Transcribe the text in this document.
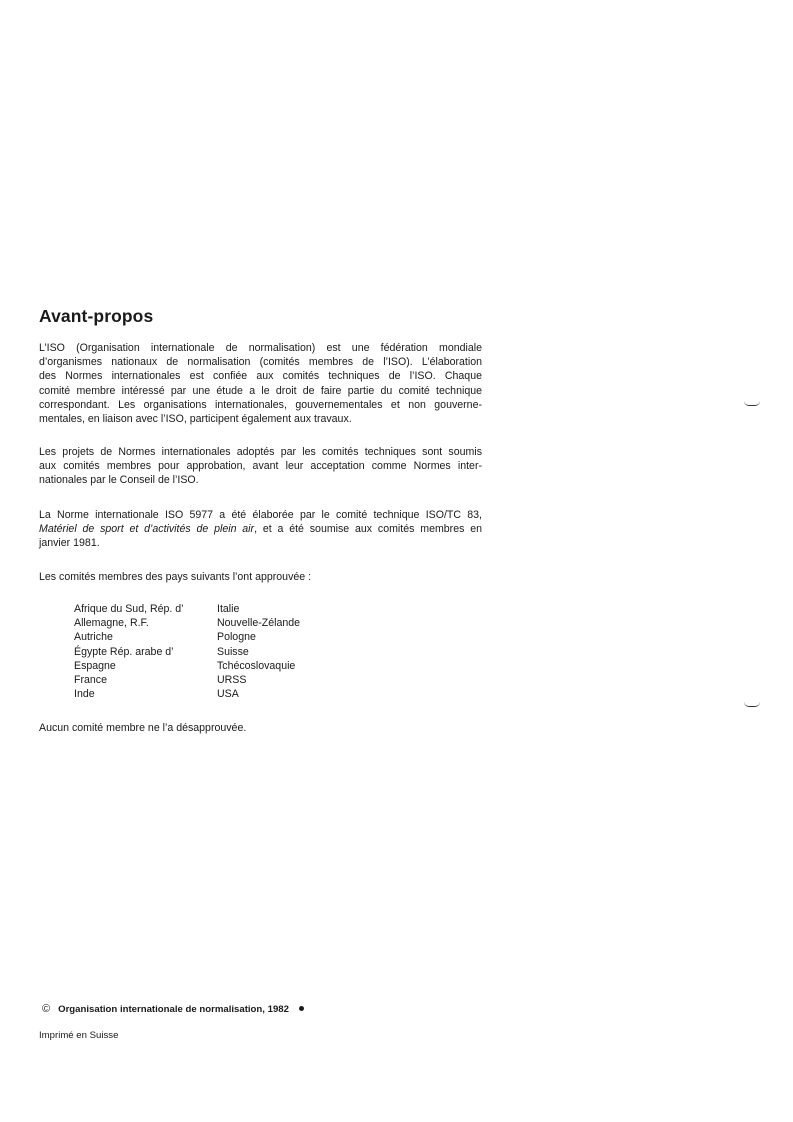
Avant-propos
L’ISO (Organisation internationale de normalisation) est une fédération mondiale
d’organismes nationaux de normalisation (comités membres de l’ISO). L’élaboration
des Normes internationales est confiée aux comités techniques de l’ISO. Chaque
comité membre intéressé par une étude a le droit de faire partie du comité technique
correspondant. Les organisations internationales, gouvernementales et non gouverne-
mentales, en liaison avec l’ISO, participent également aux travaux.
Les projets de Normes internationales adoptés par les comités techniques sont soumis
aux comités membres pour approbation, avant leur acceptation comme Normes inter-
nationales par le Conseil de l’ISO.
La Norme internationale ISO 5977 a été élaborée par le comité technique ISO/TC 83,
Matériel de sport et d’activités de plein air, et a été soumise aux comités membres en
janvier 1981.
Les comités membres des pays suivants l’ont approuvée :
Afrique du Sud, Rép. d’	Italie
Allemagne, R.F.	Nouvelle-Zélande
Autriche	Pologne
Égypte Rép. arabe d’	Suisse
Espagne	Tchécoslovaquie
France	URSS
Inde	USA
Aucun comité membre ne l’a désapprouvée.
© Organisation internationale de normalisation, 1982
Imprimé en Suisse
